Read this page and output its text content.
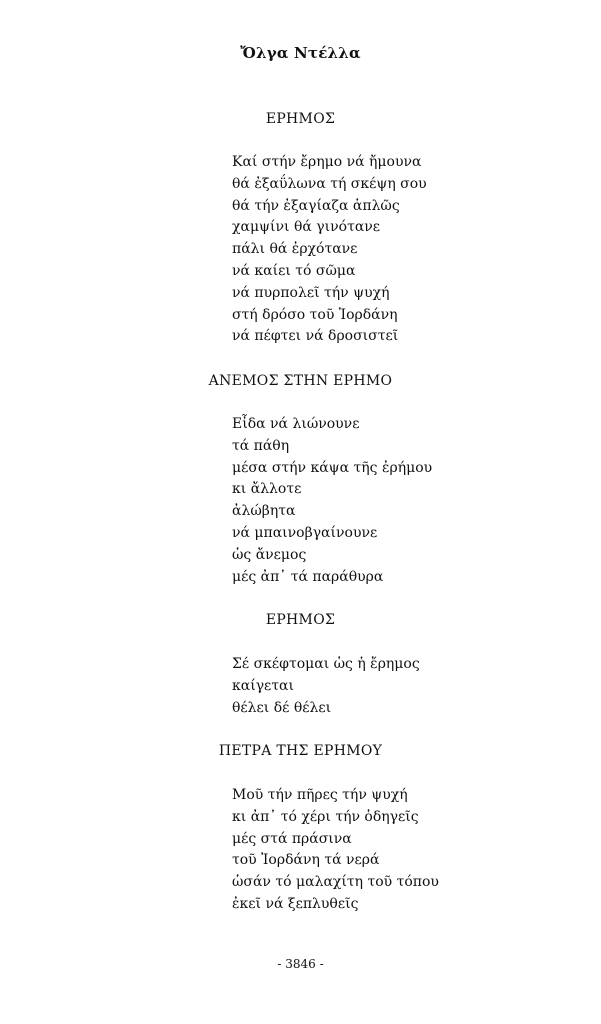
Ὄλγα Ντέλλα
ΕΡΗΜΟΣ
Καί στήν ἔρημο νά ἤμουνα
θά ἐξαΰλωνα τή σκέψη σου
θά τήν ἐξαγίαζα ἁπλῶς
χαμψίνι θά γινότανε
πάλι θά ἐρχότανε
νά καίει τό σῶμα
νά πυρπολεῖ τήν ψυχή
στή δρόσο τοῦ Ἰορδάνη
νά πέφτει νά δροσιστεῖ
ΑΝΕΜΟΣ ΣΤΗΝ ΕΡΗΜΟ
Εἶδα νά λιώνουνε
τά πάθη
μέσα στήν κάψα τῆς ἐρήμου
κι ἄλλοτε
ἀλώβητα
νά μπαινοβγαίνουνε
ὡς ἄνεμος
μές ἀπ᾽ τά παράθυρα
ΕΡΗΜΟΣ
Σέ σκέφτομαι ὡς ἡ ἔρημος
καίγεται
θέλει δέ θέλει
ΠΕΤΡΑ ΤΗΣ ΕΡΗΜΟΥ
Μοῦ τήν πῆρες τήν ψυχή
κι ἀπ᾽ τό χέρι τήν ὁδηγεῖς
μές στά πράσινα
τοῦ Ἰορδάνη τά νερά
ὡσάν τό μαλαχίτη τοῦ τόπου
ἐκεῖ νά ξεπλυθεῖς
- 3846 -
